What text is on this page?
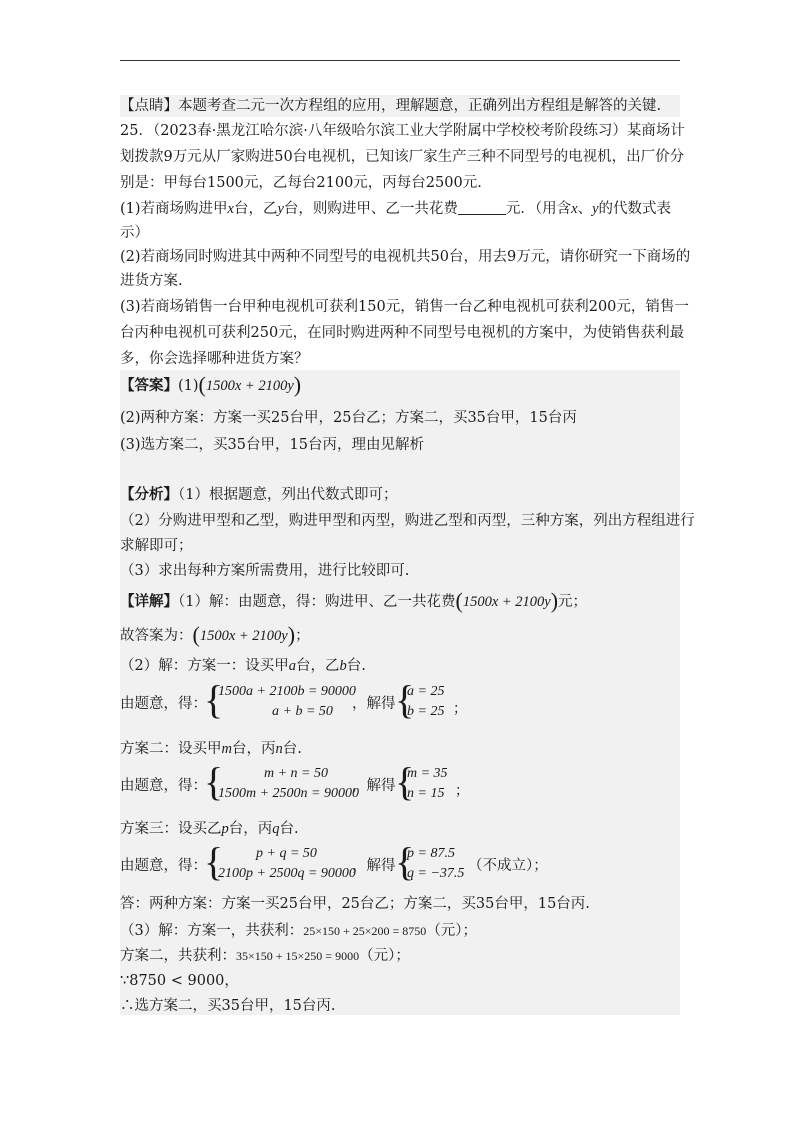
【点睛】本题考查二元一次方程组的应用，理解题意，正确列出方程组是解答的关键.
25．（2023春·黑龙江哈尔滨·八年级哈尔滨工业大学附属中学校校考阶段练习）某商场计
划拨款9万元从厂家购进50台电视机，已知该厂家生产三种不同型号的电视机，出厂价分
别是：甲每台1500元，乙每台2100元，丙每台2500元.
(1)若商场购进甲x台，乙y台，则购进甲、乙一共花费	元．（用含x、y的代数式表
示）
(2)若商场同时购进其中两种不同型号的电视机共50台，用去9万元，请你研究一下商场的
进货方案.
(3)若商场销售一台甲种电视机可获利150元，销售一台乙种电视机可获利200元，销售一
台丙种电视机可获利250元，在同时购进两种不同型号电视机的方案中，为使销售获利最
多，你会选择哪种进货方案？
【答案】(1)(1500x + 2100y)
(2)两种方案：方案一买25台甲，25台乙；方案二，买35台甲，15台丙
(3)选方案二，买35台甲，15台丙，理由见解析
【分析】（1）根据题意，列出代数式即可；
（2）分购进甲型和乙型，购进甲型和丙型，购进乙型和丙型，三种方案，列出方程组进行
求解即可；
（3）求出每种方案所需费用，进行比较即可.
【详解】（1）解：由题意，得：购进甲、乙一共花费(1500x + 2100y)元；
故答案为：(1500x + 2100y)；
（2）解：方案一：设买甲a台，乙b台.
由题意，得：
{
1500a + 2100b = 90000
a + b = 50 ，解得 {
a = 25
b = 25 ；
方案二：设买甲m台，丙n台.
由题意，得：
{	m + n = 50
1500m + 2500n = 90000
，解得 {
m = 35
n = 15 ；
方案三：设买乙p台，丙q台.
由题意，得：
{ p + q = 50
2100p + 2500q = 90000
，解得 {
p = 87.5
q = −37.5 （不成立）；
答：两种方案：方案一买25台甲，25台乙；方案二，买35台甲，15台丙.
（3）解：方案一，共获利：25×150 + 25×200 = 8750（元）；
方案二，共获利：35×150 + 15×250 = 9000（元）；
∵8750 < 9000，
∴选方案二，买35台甲，15台丙.
